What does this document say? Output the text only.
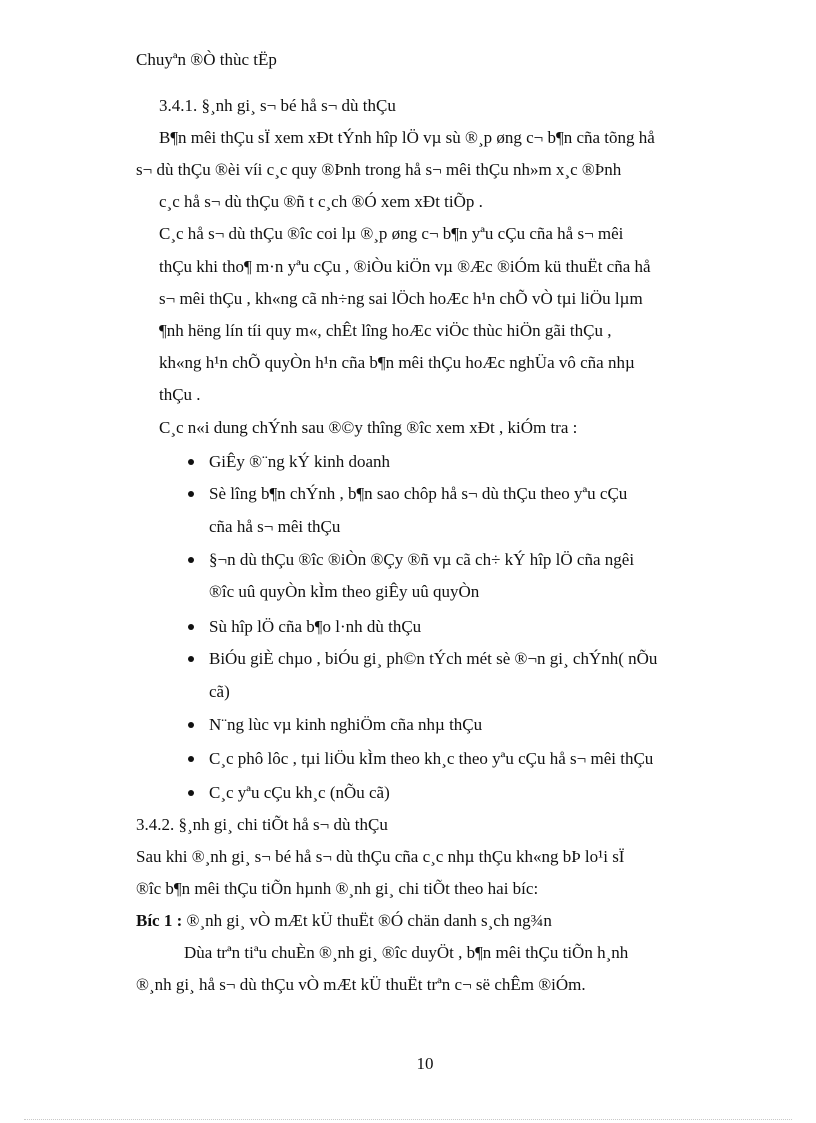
Chuyªn ®Ò thùc tËp
3.4.1. §¸nh gi¸ s¬ bé hå s¬ dù thÇu
B¶n mêi thÇu sÏ xem xÐt tÝnh hîp lÖ vµ sù ®¸p øng c¬ b¶n cña tõng hå
s¬ dù thÇu ®èi víi c¸c quy ®Þnh trong hå s¬ mêi thÇu nh»m x¸c ®Þnh
c¸c hå s¬ dù thÇu ®ñ t c¸ch ®Ó xem xÐt tiÕp .
C¸c hå s¬ dù thÇu ®îc coi lµ ®¸p øng c¬ b¶n yªu cÇu cña hå s¬ mêi
thÇu khi tho¶ m·n yªu cÇu , ®iÒu kiÖn vµ ®Æc ®iÓm kü thuËt cña hå
s¬ mêi thÇu , kh«ng cã nh÷ng sai lÖch hoÆc h¹n chÕ vÒ tµi liÖu lµm
¶nh hëng lín tíi quy m«, chÊt lîng hoÆc viÖc thùc hiÖn gãi thÇu ,
kh«ng h¹n chÕ quyÒn h¹n cña b¶n mêi thÇu hoÆc nghÜa vô cña nhµ
thÇu .
C¸c n«i dung chÝnh sau ®©y thîng ®îc xem xÐt , kiÓm tra :
GiÊy ®¨ng kÝ kinh doanh
Sè lîng b¶n chÝnh , b¶n sao chôp hå s¬ dù thÇu theo yªu cÇu
cña hå s¬ mêi thÇu
§¬n dù thÇu ®îc ®iÒn ®Çy ®ñ vµ cã ch÷ kÝ hîp lÖ cña ngêi
®îc uû quyÒn kÌm theo giÊy uû quyÒn
Sù hîp lÖ cña b¶o l·nh dù thÇu
BiÓu giÈ chµo , biÓu gi¸ ph©n tÝch mét sè ®¬n gi¸ chÝnh( nÕu
cã)
N¨ng lùc vµ kinh nghiÖm cña nhµ thÇu
C¸c phô lôc , tµi liÖu kÌm theo kh¸c theo yªu cÇu hå s¬ mêi thÇu
C¸c yªu cÇu kh¸c (nÕu cã)
3.4.2. §¸nh gi¸ chi tiÕt hå s¬ dù thÇu
Sau khi ®¸nh gi¸ s¬ bé hå s¬ dù thÇu cña c¸c nhµ thÇu kh«ng bÞ lo¹i sÏ
®îc b¶n mêi thÇu tiÕn hµnh ®¸nh gi¸ chi tiÕt theo hai bíc:
Bíc 1 : ®¸nh gi¸ vÒ mÆt kÜ thuËt ®Ó chän danh s¸ch ng¾n
Dùa trªn tiªu chuÈn ®¸nh gi¸ ®îc duyÖt , b¶n mêi thÇu tiÕn h¸nh
®¸nh gi¸ hå s¬ dù thÇu vÒ mÆt kÜ thuËt trªn c¬ së chÊm ®iÓm.
10
